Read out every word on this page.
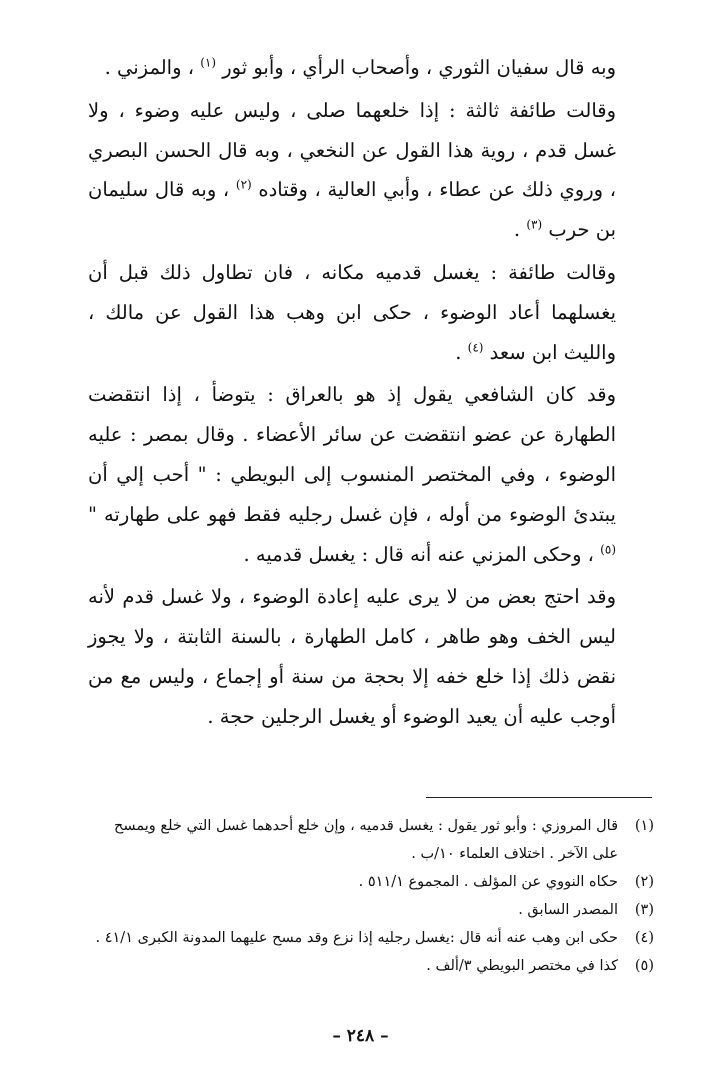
وبه قال سفيان الثوري ، وأصحاب الرأي ، وأبو ثور $^{(١)}$ ، والمزني .

وقالت طائفة ثالثة : إذا خلعهما صلى ، وليس عليه وضوء ، ولا غسل قدم ، روية هذا القول عن النخعي ، وبه قال الحسن البصري ، وروي ذلك عن عطاء ، وأبي العالية ، وقتاده $^{(٢)}$ ، وبه قال سليمان بن حرب $^{(٣)}$ .

وقالت طائفة : يغسل قدميه مكانه ، فان تطاول ذلك قبل أن يغسلهما أعاد الوضوء ، حكى ابن وهب هذا القول عن مالك ، والليث ابن سعد $^{(٤)}$ .

وقد كان الشافعي يقول إذ هو بالعراق : يتوضأ ، إذا انتقضت الطهارة عن عضو انتقضت عن سائر الأعضاء . وقال بمصر : عليه الوضوء ، وفي المختصر المنسوب إلى البويطي : " أحب إلي أن يبتدئ الوضوء من أوله ، فإن غسل رجليه فقط فهو على طهارته " $^{(٥)}$ ، وحكى المزني عنه أنه قال : يغسل قدميه .

وقد احتج بعض من لا يرى عليه إعادة الوضوء ، ولا غسل قدم لأنه ليس الخف وهو طاهر ، كامل الطهارة ، بالسنة الثابتة ، ولا يجوز نقض ذلك إذا خلع خفه إلا بحجة من سنة أو إجماع ، وليس مع من أوجب عليه أن يعيد الوضوء أو يغسل الرجلين حجة .

(١)
قال المروزي : وأبو ثور يقول : يغسل قدميه ، وإن خلع أحدهما غسل التي خلع ويمسح على الآخر . اختلاف العلماء ١٠/ب .
(٢)
حكاه النووي عن المؤلف . المجموع ٥١١/١ .
(٣)
المصدر السابق .
(٤)
حكى ابن وهب عنه أنه قال :يغسل رجليه إذا نزع وقد مسح عليهما المدونة الكبرى ٤١/١ .
(٥)
كذا في مختصر البويطي ٣/ألف .
– ٢٤٨ –
